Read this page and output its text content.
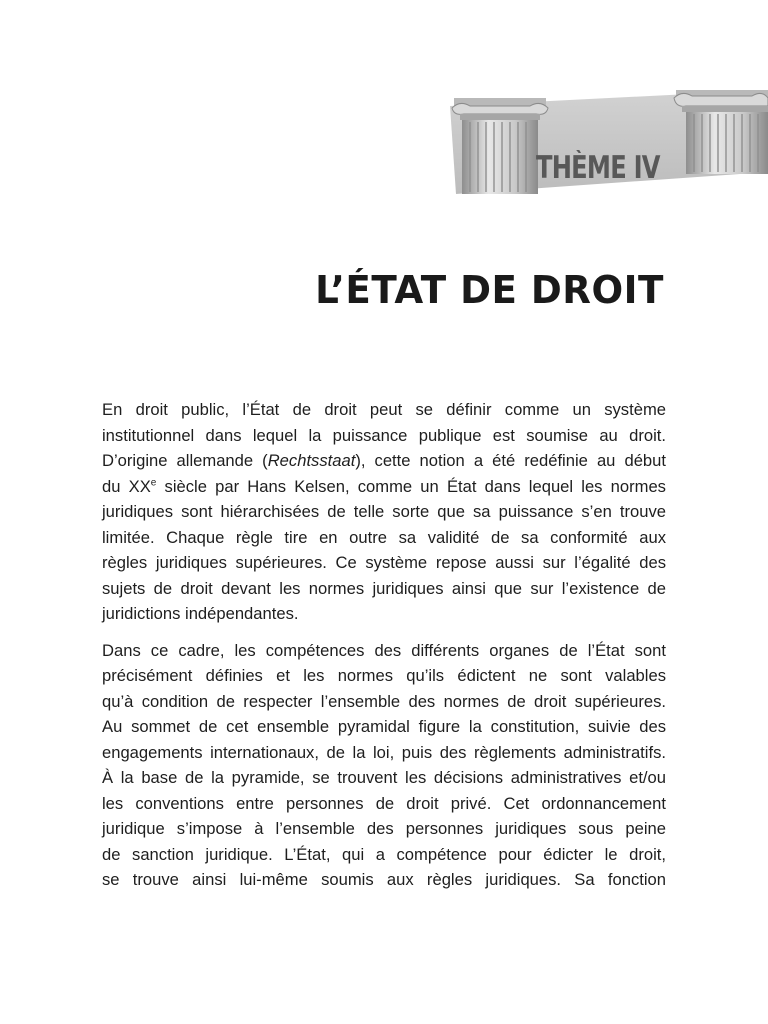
THÈME IV
L’ÉTAT DE DROIT

En droit public, l’État de droit peut se définir comme un système
institutionnel dans lequel la puissance publique est soumise au droit.
D’origine allemande (Rechtsstaat), cette notion a été redéfinie au début
du XXe siècle par Hans Kelsen, comme un État dans lequel les normes
juridiques sont hiérarchisées de telle sorte que sa puissance s’en trouve
limitée. Chaque règle tire en outre sa validité de sa conformité aux
règles juridiques supérieures. Ce système repose aussi sur l’égalité des
sujets de droit devant les normes juridiques ainsi que sur l’existence de
juridictions indépendantes.

Dans ce cadre, les compétences des différents organes de l’État sont
précisément définies et les normes qu’ils édictent ne sont valables
qu’à condition de respecter l’ensemble des normes de droit supérieures.
Au sommet de cet ensemble pyramidal figure la constitution, suivie des
engagements internationaux, de la loi, puis des règlements administratifs.
À la base de la pyramide, se trouvent les décisions administratives et/ou
les conventions entre personnes de droit privé. Cet ordonnancement
juridique s’impose à l’ensemble des personnes juridiques sous peine
de sanction juridique. L’État, qui a compétence pour édicter le droit,
se trouve ainsi lui-même soumis aux règles juridiques. Sa fonction
